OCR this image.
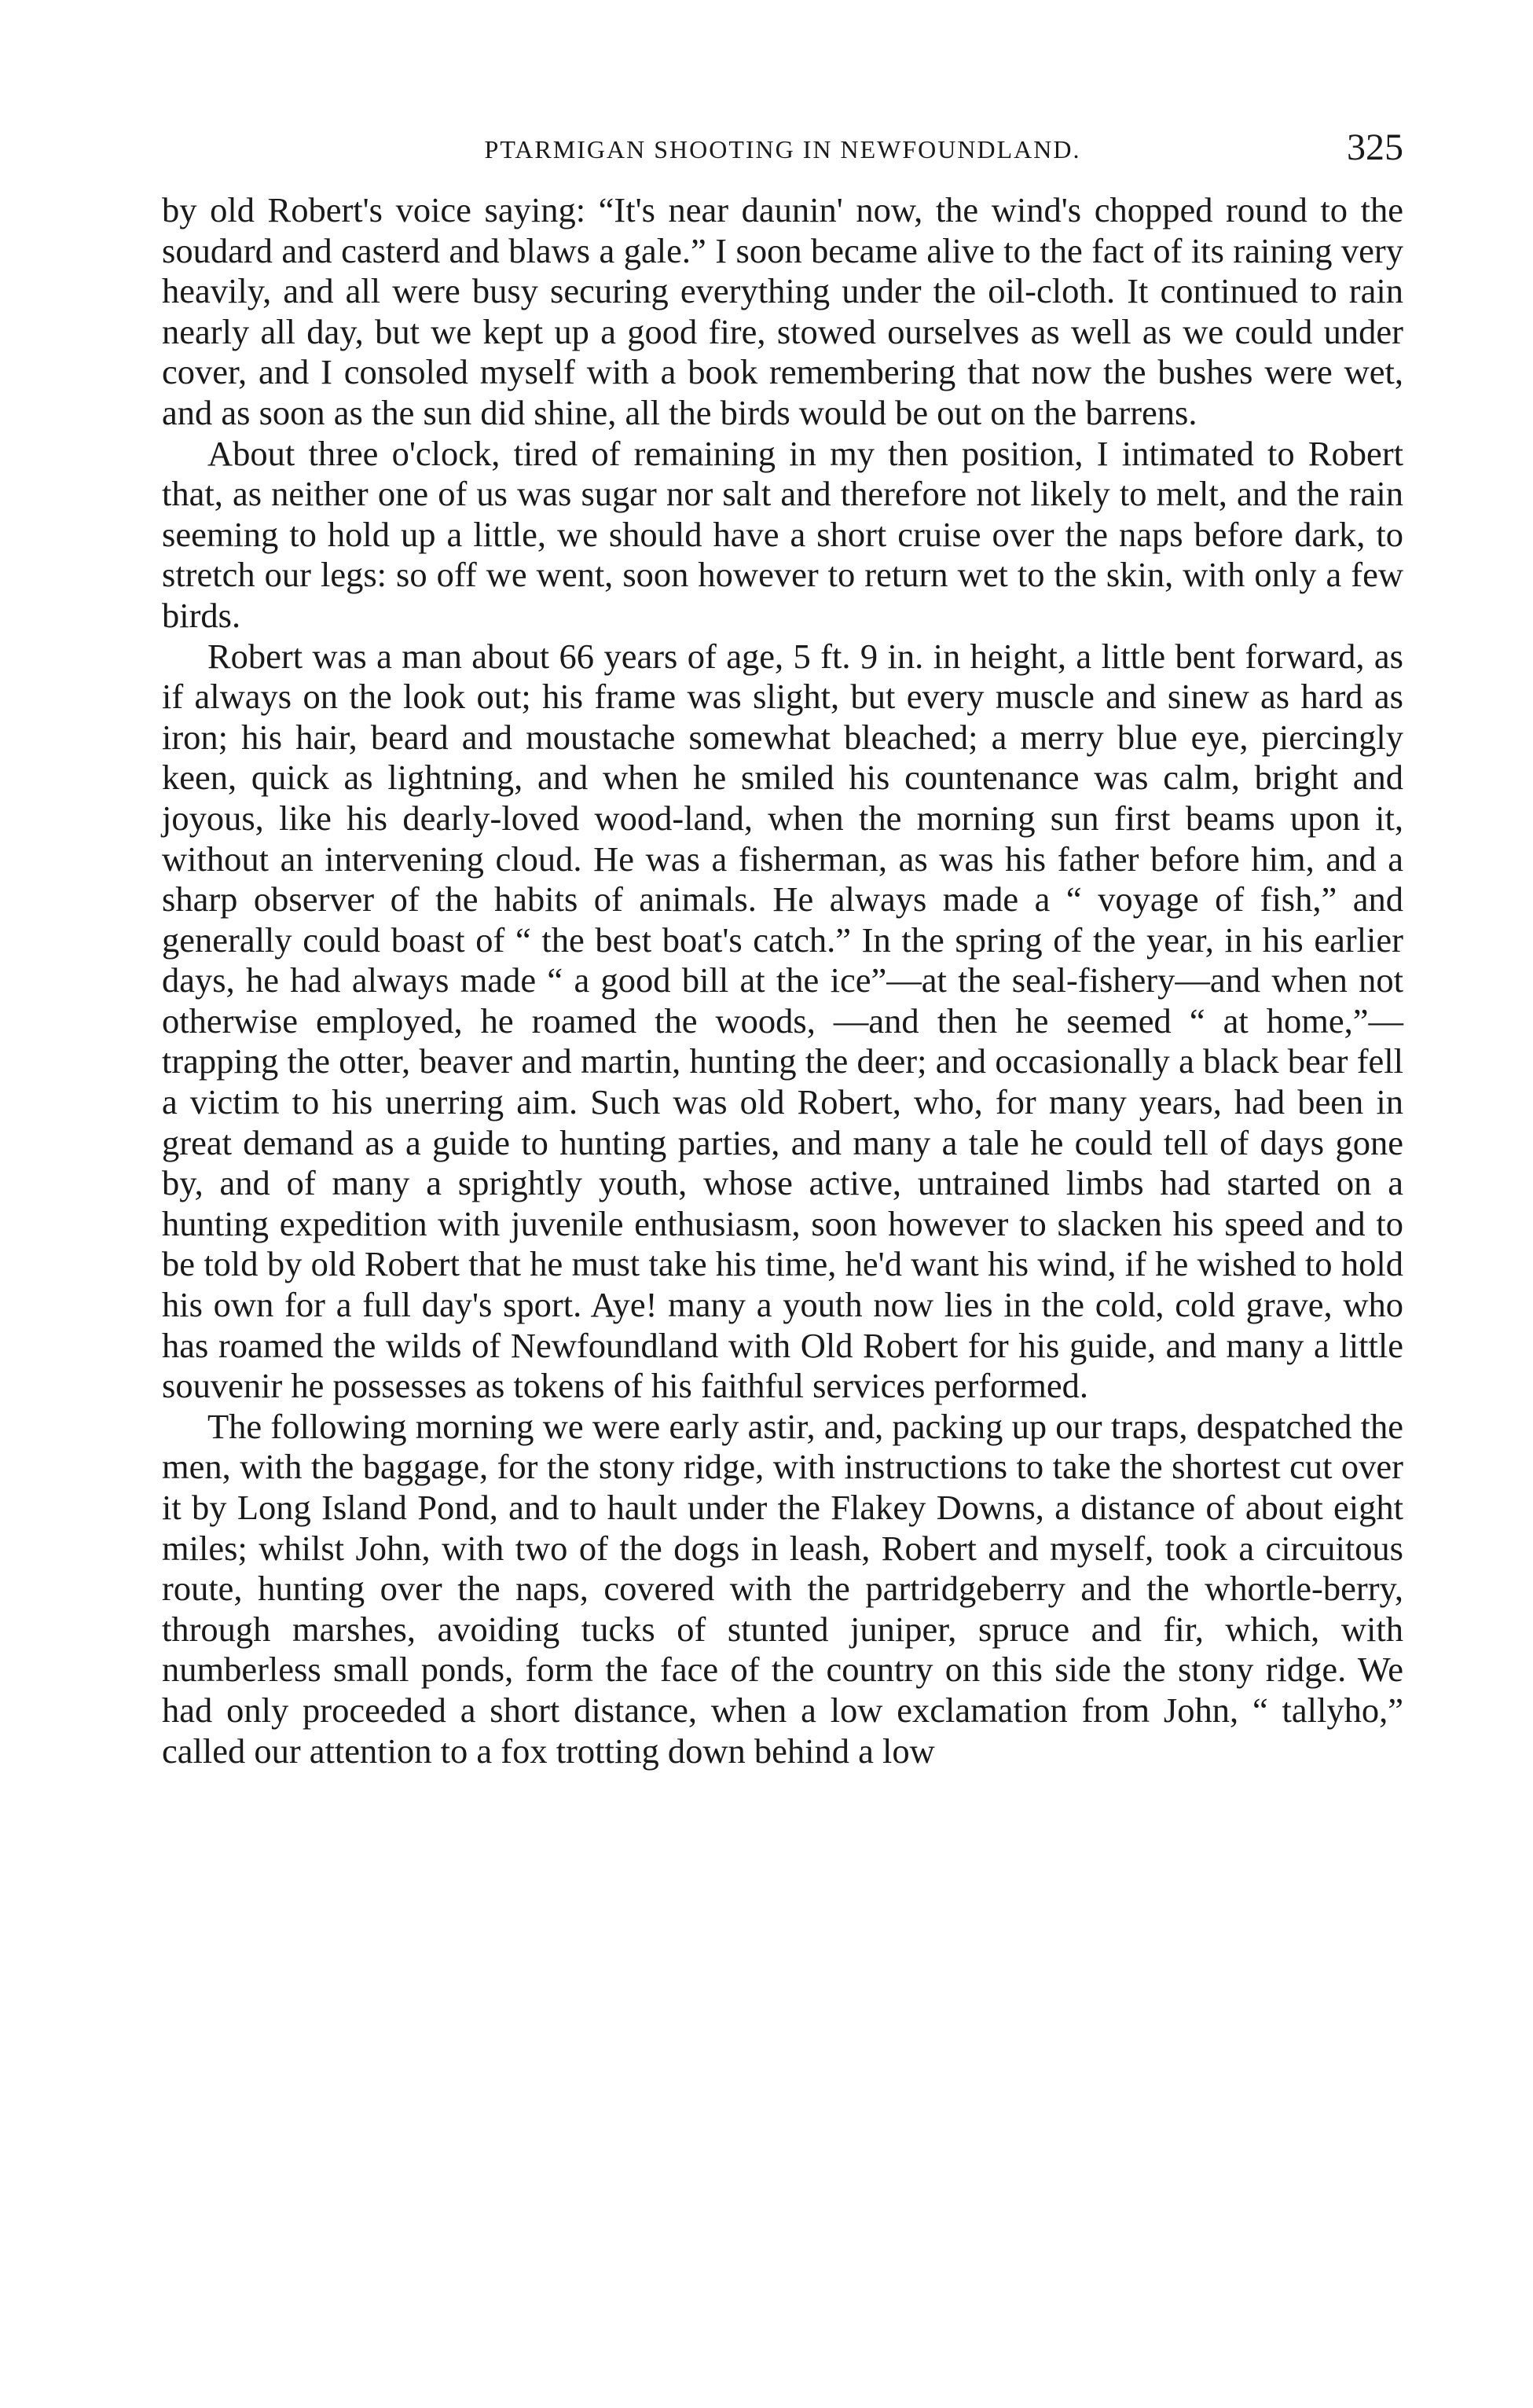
PTARMIGAN SHOOTING IN NEWFOUNDLAND.	325

by old Robert's voice saying: “It's near daunin' now, the wind's chopped round to the soudard and casterd and blaws a gale.” I soon became alive to the fact of its raining very heavily, and all were busy securing everything under the oil-cloth. It continued to rain nearly all day, but we kept up a good fire, stowed ourselves as well as we could under cover, and I consoled myself with a book remembering that now the bushes were wet, and as soon as the sun did shine, all the birds would be out on the barrens.

About three o'clock, tired of remaining in my then position, I intimated to Robert that, as neither one of us was sugar nor salt and therefore not likely to melt, and the rain seeming to hold up a little, we should have a short cruise over the naps before dark, to stretch our legs: so off we went, soon however to return wet to the skin, with only a few birds.

Robert was a man about 66 years of age, 5 ft. 9 in. in height, a little bent forward, as if always on the look out; his frame was slight, but every muscle and sinew as hard as iron; his hair, beard and moustache somewhat bleached; a merry blue eye, piercingly keen, quick as lightning, and when he smiled his countenance was calm, bright and joyous, like his dearly-loved wood-land, when the morning sun first beams upon it, without an intervening cloud. He was a fisherman, as was his father before him, and a sharp observer of the habits of animals. He always made a “ voyage of fish,” and generally could boast of “ the best boat's catch.” In the spring of the year, in his earlier days, he had always made “ a good bill at the ice”—at the seal-fishery—and when not otherwise employed, he roamed the woods, —and then he seemed “ at home,”—trapping the otter, beaver and martin, hunting the deer; and occasionally a black bear fell a victim to his unerring aim. Such was old Robert, who, for many years, had been in great demand as a guide to hunting parties, and many a tale he could tell of days gone by, and of many a sprightly youth, whose active, untrained limbs had started on a hunting expedition with juvenile enthusiasm, soon however to slacken his speed and to be told by old Robert that he must take his time, he'd want his wind, if he wished to hold his own for a full day's sport. Aye! many a youth now lies in the cold, cold grave, who has roamed the wilds of Newfoundland with Old Robert for his guide, and many a little souvenir he possesses as tokens of his faithful services performed.

The following morning we were early astir, and, packing up our traps, despatched the men, with the baggage, for the stony ridge, with instructions to take the shortest cut over it by Long Island Pond, and to hault under the Flakey Downs, a distance of about eight miles; whilst John, with two of the dogs in leash, Robert and myself, took a circuitous route, hunting over the naps, covered with the partridgeberry and the whortle-berry, through marshes, avoiding tucks of stunted juniper, spruce and fir, which, with numberless small ponds, form the face of the country on this side the stony ridge. We had only proceeded a short distance, when a low exclamation from John, “ tallyho,” called our attention to a fox trotting down behind a low
